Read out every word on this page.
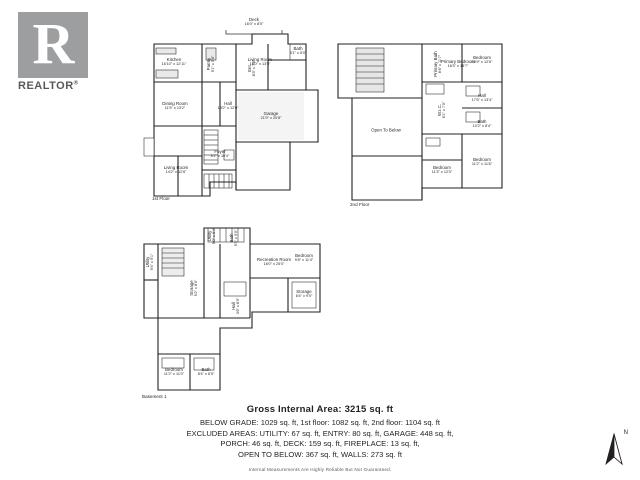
R
REALTOR®
Deck
16'0" x 8'5"
Kitchen
16'10" x 12'11"
Living Room
16'0" x 13'5"
Pantry 5'1" x 5'6"
Dining Room
11'9" x 13'2"
Hall
13'2" x 12'0"
Living Room
14'2" x 12'6"
Foyer
8'2" x 10'4"
Garage
21'9" x 20'8"
Bath
5'1" x 5'0"
Ent. 8'3" x 7'6"
1st Floor
Primary Bedroom
16'3" x 15'7"
Primary Bath 8'6" x 11'7"	Bedroom
10'9" x 12'6"
W.I.C. 6'1" x 7'0"
Hall
17'6" x 13'4"
Bath
10'2" x 8'4"
Bedroom
11'3" x 12'0"
Bedroom
11'2" x 11'6"
Open To Below
2nd Floor
Utility 9'4" x 9'1"	Recreation Room
16'0" x 25'0"
Bedroom
9'8" x 11'4"
Utility 5'0" x 6'4"	Bath 5'3" x 9'0"
Storage 5'2" x 8'0"
Bedroom
11'2" x 11'0"
Bath
8'4" x 6'5"
Hall 3'6" x 8'0"
Storage
6'4" x 9'0"
Basement 1
Gross Internal Area: 3215 sq. ft
BELOW GRADE: 1029 sq. ft, 1st floor: 1082 sq. ft, 2nd floor: 1104 sq. ft
EXCLUDED AREAS: UTILITY: 67 sq. ft, ENTRY: 80 sq. ft, GARAGE: 448 sq. ft,
PORCH: 46 sq. ft, DECK: 159 sq. ft, FIREPLACE: 13 sq. ft,
OPEN TO BELOW: 367 sq. ft, WALLS: 273 sq. ft
Internal Measurements Are Highly Reliable But Not Guaranteed.
N
